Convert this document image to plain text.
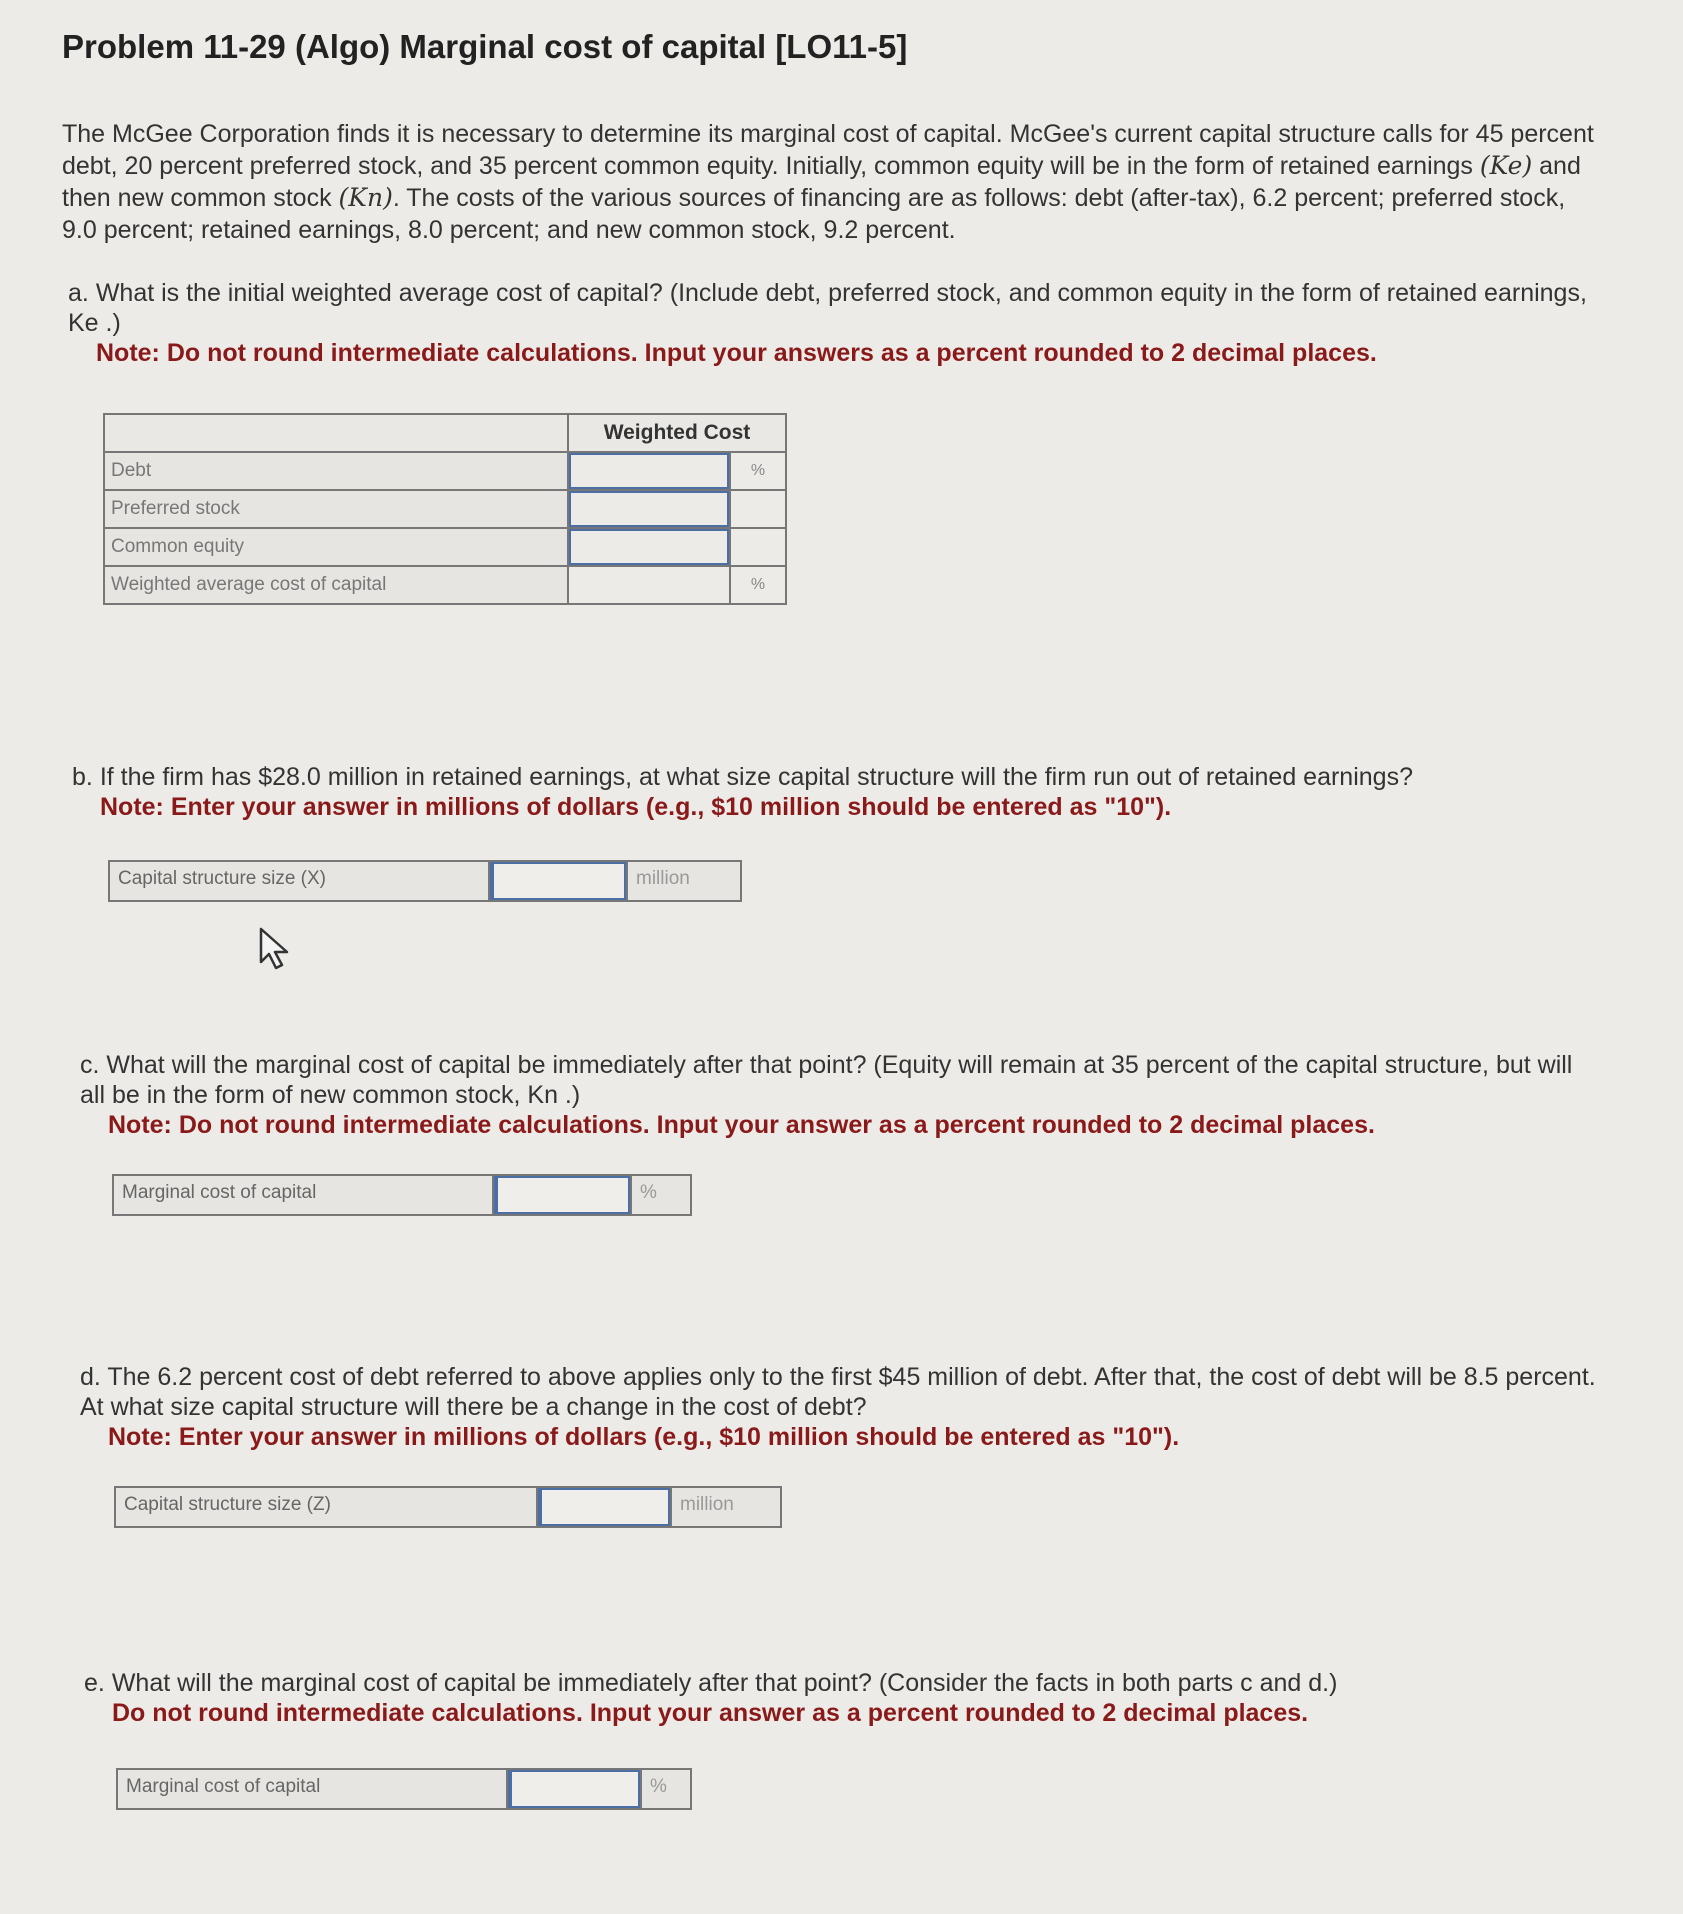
Problem 11-29 (Algo) Marginal cost of capital [LO11-5]
The McGee Corporation finds it is necessary to determine its marginal cost of capital. McGee's current capital structure calls for 45 percent debt, 20 percent preferred stock, and 35 percent common equity. Initially, common equity will be in the form of retained earnings (Ke) and then new common stock (Kn). The costs of the various sources of financing are as follows: debt (after-tax), 6.2 percent; preferred stock, 9.0 percent; retained earnings, 8.0 percent; and new common stock, 9.2 percent.
a. What is the initial weighted average cost of capital? (Include debt, preferred stock, and common equity in the form of retained earnings, Ke .)
Note: Do not round intermediate calculations. Input your answers as a percent rounded to 2 decimal places.
	Weighted Cost	
Debt		%
Preferred stock	

Common equity	

Weighted average cost of capital		%
b. If the firm has $28.0 million in retained earnings, at what size capital structure will the firm run out of retained earnings?
Note: Enter your answer in millions of dollars (e.g., $10 million should be entered as "10").
Capital structure size (X)	million
c. What will the marginal cost of capital be immediately after that point? (Equity will remain at 35 percent of the capital structure, but will all be in the form of new common stock, Kn .)
Note: Do not round intermediate calculations. Input your answer as a percent rounded to 2 decimal places.
Marginal cost of capital	%
d. The 6.2 percent cost of debt referred to above applies only to the first $45 million of debt. After that, the cost of debt will be 8.5 percent. At what size capital structure will there be a change in the cost of debt?
Note: Enter your answer in millions of dollars (e.g., $10 million should be entered as "10").
Capital structure size (Z)	million
e. What will the marginal cost of capital be immediately after that point? (Consider the facts in both parts c and d.)
Do not round intermediate calculations. Input your answer as a percent rounded to 2 decimal places.
Marginal cost of capital	%
